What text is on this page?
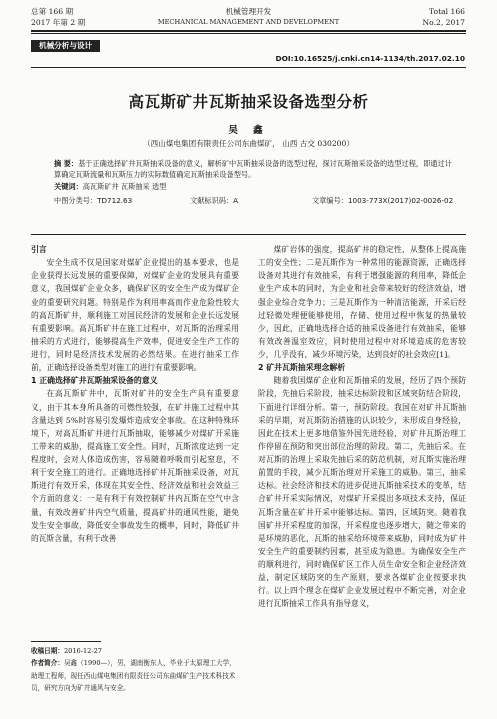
总第 166 期
2017 年第 2 期
机械管理开发
MECHANICAL MANAGEMENT AND DEVELOPMENT
Total 166
No.2, 2017
机械分析与设计
DOI:10.16525/j.cnki.cn14-1134/th.2017.02.10
高瓦斯矿井瓦斯抽采设备选型分析
吴 鑫
（西山煤电集团有限责任公司东曲煤矿， 山西 古交 030200）
摘 要：基于正确选择矿井瓦斯抽采设备的意义，解析矿中瓦斯抽采设备的选型过程，探讨瓦斯抽采设备的选型过程，即通过计算确定瓦斯流量和瓦斯压力的实际数值确定瓦斯抽采设备型号。
关键词：高瓦斯矿井 瓦斯抽采 选型
中图分类号：TD712.63	文献标识码：A	文章编号：1003-773X(2017)02-0026-02
引言

安全生成不仅是国家对煤矿企业提出的基本要求，也是企业获得长远发展的重要保障，对煤矿企业的发展具有重要意义，我国煤矿企业众多，确保矿区的安全生产成为煤矿企业的重要研究问题。特别是作为利用率高而作业危险性较大的高瓦斯矿井，顺利施工对国民经济的发展和企业长远发展有重要影响。高瓦斯矿井在施工过程中，对瓦斯的治理采用抽采的方式进行，能够提高生产效率，促进安全生产工作的进行，同时是经济技术发展的必然结果。在进行抽采工作前，正确选择设备类型对施工的进行有重要影响。

1 正确选择矿井瓦斯抽采设备的意义

在高瓦斯矿井中，瓦斯对矿井的安全生产具有重要意义，由于其本身所具备的可燃性较强，在矿井施工过程中其含量达到 5%时容易引发爆炸造成安全事故。在这种特殊环境下，对高瓦斯矿井进行瓦斯抽取，能够减少对煤矿开采施工带来的威胁，提高施工安全性。同时，瓦斯浓度达到一定程度时，会对人体造成伤害，容易随着呼吸而引起窒息，不利于安全施工的进行。正确地选择矿井瓦斯抽采设备，对瓦斯进行有效开采，体现在其安全性、经济效益和社会效益三个方面的意义：一是有利于有效控制矿井内瓦斯在空气中含量，有效改善矿井内空气质量，提高矿井的通风性能，避免发生安全事故，降低安全事故发生的概率，同时，降低矿井的瓦斯含量，有利于改善

煤矿岩体的强度，提高矿井的稳定性，从整体上提高施工的安全性；二是瓦斯作为一种常用的能源资源，正确选择设备对其进行有效抽采，有利于增强能源的利用率，降低企业生产成本的同时，为企业和社会带来较好的经济效益，增强企业综合竞争力；三是瓦斯作为一种清洁能源，开采后经过轻微处理便能够使用，存储、使用过程中恢复的热量较少，因此，正确地选择合适的抽采设备进行有效抽采，能够有效改善温室效应，同时使用过程中对环境造成的危害较少，几乎没有，减少环境污染，达到良好的社会效应[1]。

2 矿井瓦斯抽采理念解析

随着我国煤矿企业和瓦斯抽采的发展，经历了四个预防阶段，先抽后采阶段，抽采达标阶段和区域突防结合阶段，下面进行详细分析。第一，预防阶段。我国在对矿井瓦斯抽采的早期，对瓦斯防治措施的认识较少，未形成自身经验，因此在技术上更多地借鉴外国先进经验，对矿井瓦斯治理工作停留在预防和突出部位治理的阶段。第二，先抽后采。在对瓦斯的治理上采取先抽后采的防范机制，对瓦斯实施治理前置的手段，减少瓦斯治理对开采施工的威胁。第三，抽采达标。社会经济和技术的进步促进瓦斯抽采技术的变革，结合矿井开采实际情况，对煤矿开采提出多项技术支持，保证瓦斯含量在矿井开采中能够达标。第四，区域防突。随着我国矿井开采程度的加深，开采程度也逐步增大，随之带来的是环境的恶化，瓦斯的抽采给环境带来威胁，同时成为矿井安全生产的重要制约因素，甚至成为隐患。为确保安全生产的顺利进行，同时确保矿区工作人员生命安全和企业经济效益，制定区域防突的生产原则，要求各煤矿企业按要求执行。以上四个理念在煤矿企业发展过程中不断完善，对企业进行瓦斯抽采工作具有指导意义，

收稿日期：2016-12-27
作者简介：吴鑫（1990—），男，湖南衡东人，毕业于太原理工大学，助理工程师，现任西山煤电集团有限责任公司东曲煤矿生产技术科技术员，研究方向为矿井通风与安全。
